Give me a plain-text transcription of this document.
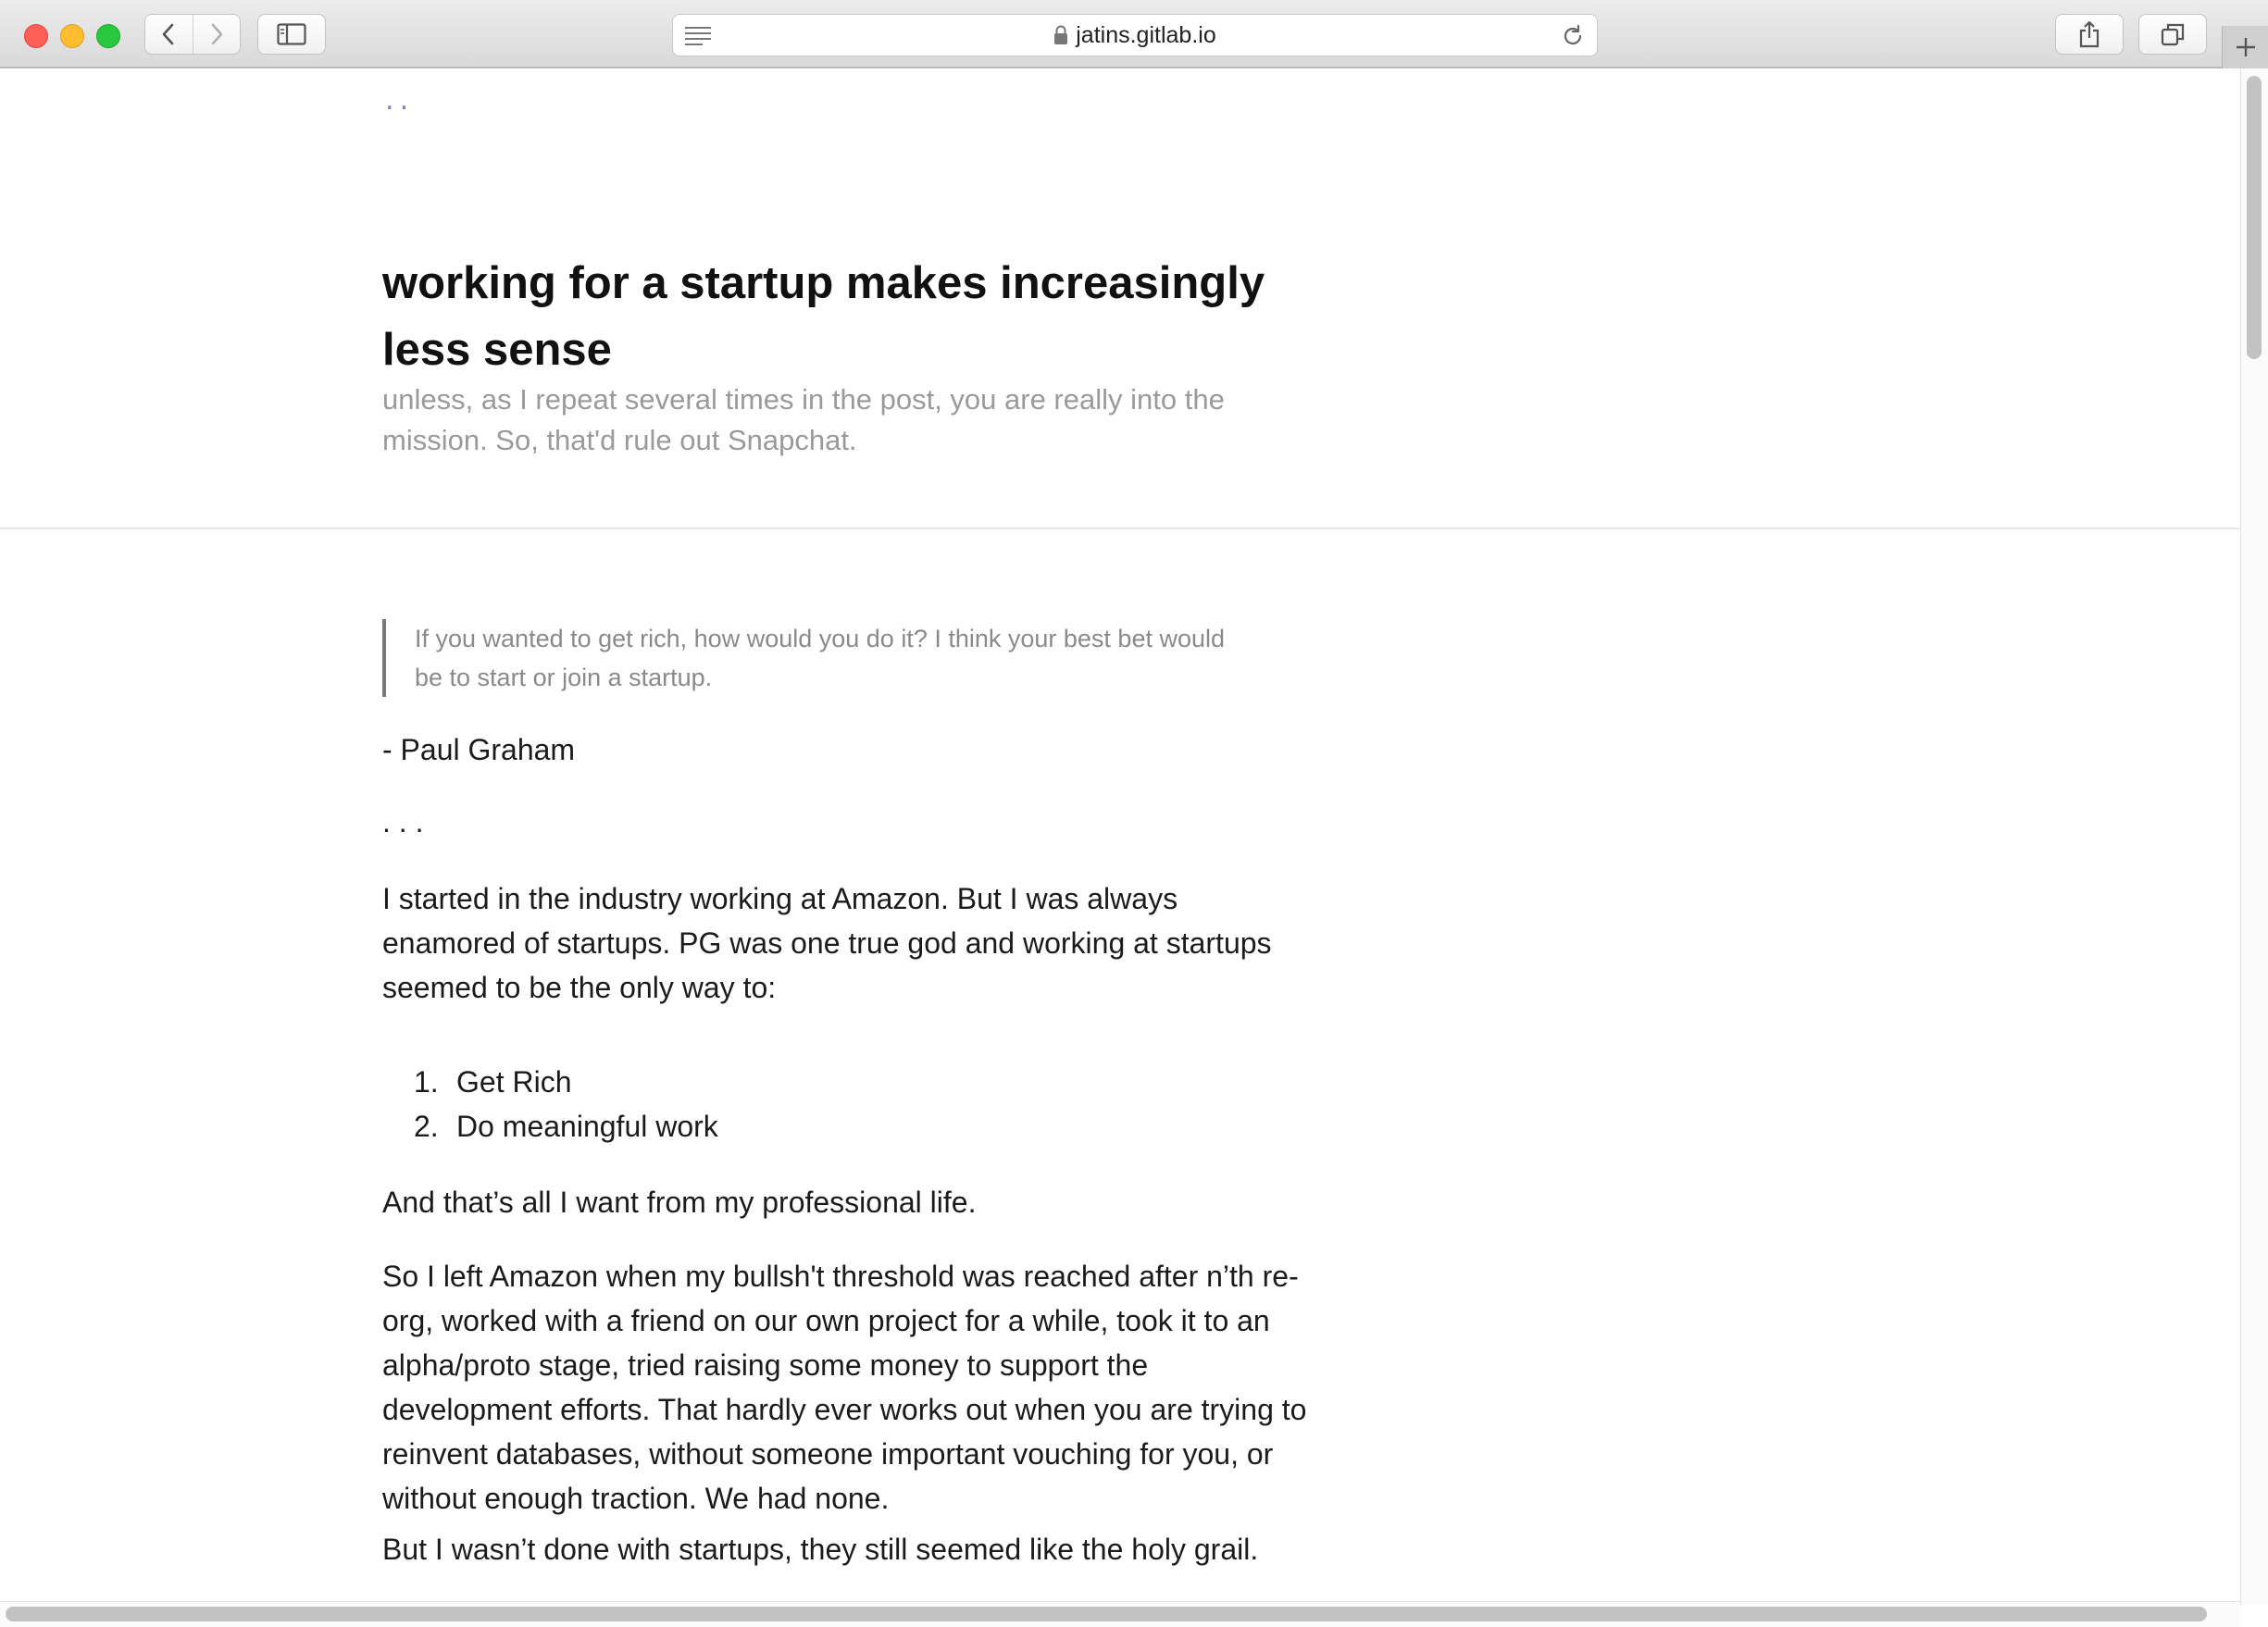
jatins.gitlab.io
..
working for a startup makes increasingly less sense

unless, as I repeat several times in the post, you are really into the mission. So, that'd rule out Snapchat.

If you wanted to get rich, how would you do it? I think your best bet would be to start or join a startup.

- Paul Graham

. . .

I started in the industry working at Amazon. But I was always enamored of startups. PG was one true god and working at startups seemed to be the only way to:

1. Get Rich
2. Do meaningful work

And that’s all I want from my professional life.

So I left Amazon when my bullsh't threshold was reached after n’th re-org, worked with a friend on our own project for a while, took it to an alpha/proto stage, tried raising some money to support the development efforts. That hardly ever works out when you are trying to reinvent databases, without someone important vouching for you, or without enough traction. We had none.

But I wasn’t done with startups, they still seemed like the holy grail.
